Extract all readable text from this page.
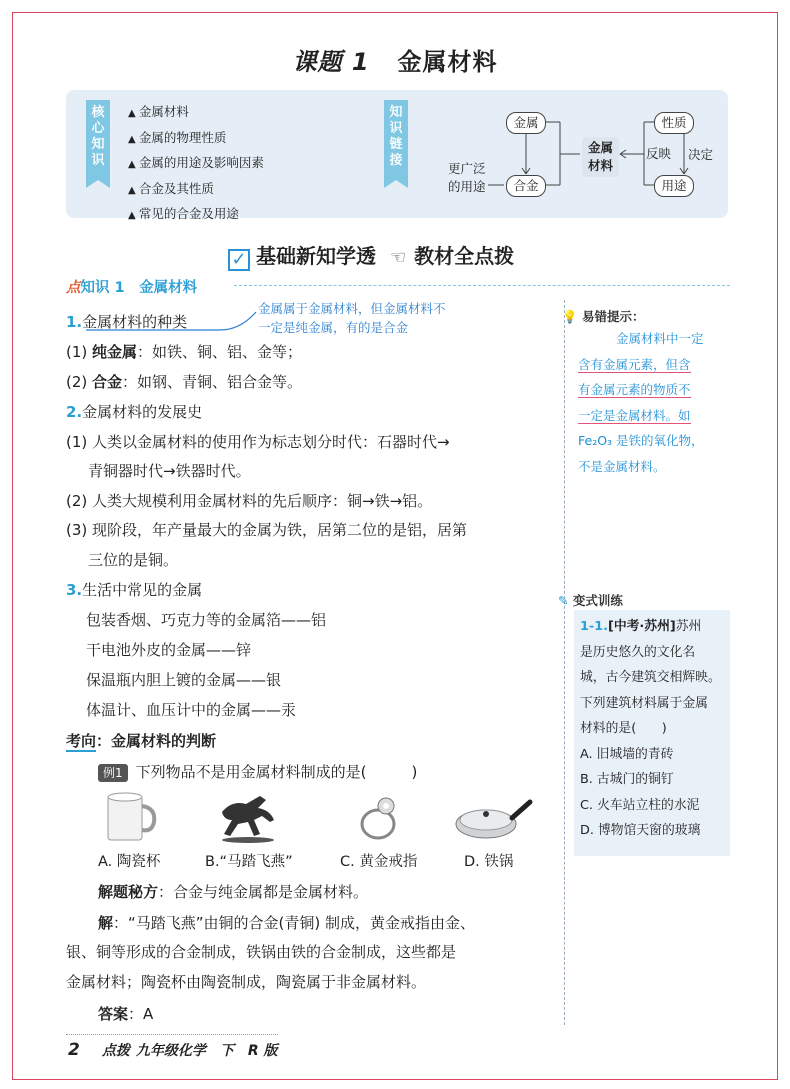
课题 1 金属材料
核心知识
▲ 金属材料
▲ 金属的物理性质
▲ 金属的用途及影响因素
▲ 合金及其性质
▲ 常见的合金及用途
知识链接
金属
合金
更广泛
的用途
金属
材料
反映 决定
性质
用途
✓ 基础新知学透 ☜ 教材全点拨
点知识 1　 金属材料
1.金属材料的种类
金属属于金属材料，但金属材料不
一定是纯金属，有的是合金
(1) 纯金属：如铁、铜、铝、金等；
(2) 合金：如钢、青铜、铝合金等。
2.金属材料的发展史
(1) 人类以金属材料的使用作为标志划分时代：石器时代→
青铜器时代→铁器时代。
(2) 人类大规模利用金属材料的先后顺序：铜→铁→铝。
(3) 现阶段，年产量最大的金属为铁，居第二位的是铝，居第
三位的是铜。
3.生活中常见的金属
包装香烟、巧克力等的金属箔——铝
干电池外皮的金属——锌
保温瓶内胆上镀的金属——银
体温计、血压计中的金属——汞
考向：金属材料的判断
例1 下列物品不是用金属材料制成的是(　　　)
A. 陶瓷杯	B.“马踏飞燕”	C. 黄金戒指	D. 铁锅
解题秘方：合金与纯金属都是金属材料。
解：“马踏飞燕”由铜的合金(青铜) 制成，黄金戒指由金、
银、铜等形成的合金制成，铁锅由铁的合金制成，这些都是
金属材料；陶瓷杯由陶瓷制成，陶瓷属于非金属材料。
答案：A
💡 易错提示：
金属材料中一定
含有金属元素，但含
有金属元素的物质不
一定是金属材料。如
Fe₂O₃ 是铁的氧化物，
不是金属材料。
✎ 变式训练
1-1.[中考·苏州]苏州
是历史悠久的文化名
城，古今建筑交相辉映。
下列建筑材料属于金属
材料的是(　　)
A. 旧城墙的青砖
B. 古城门的铜钉
C. 火车站立柱的水泥
D. 博物馆天窗的玻璃
2 点拨 九年级化学　下　R 版
